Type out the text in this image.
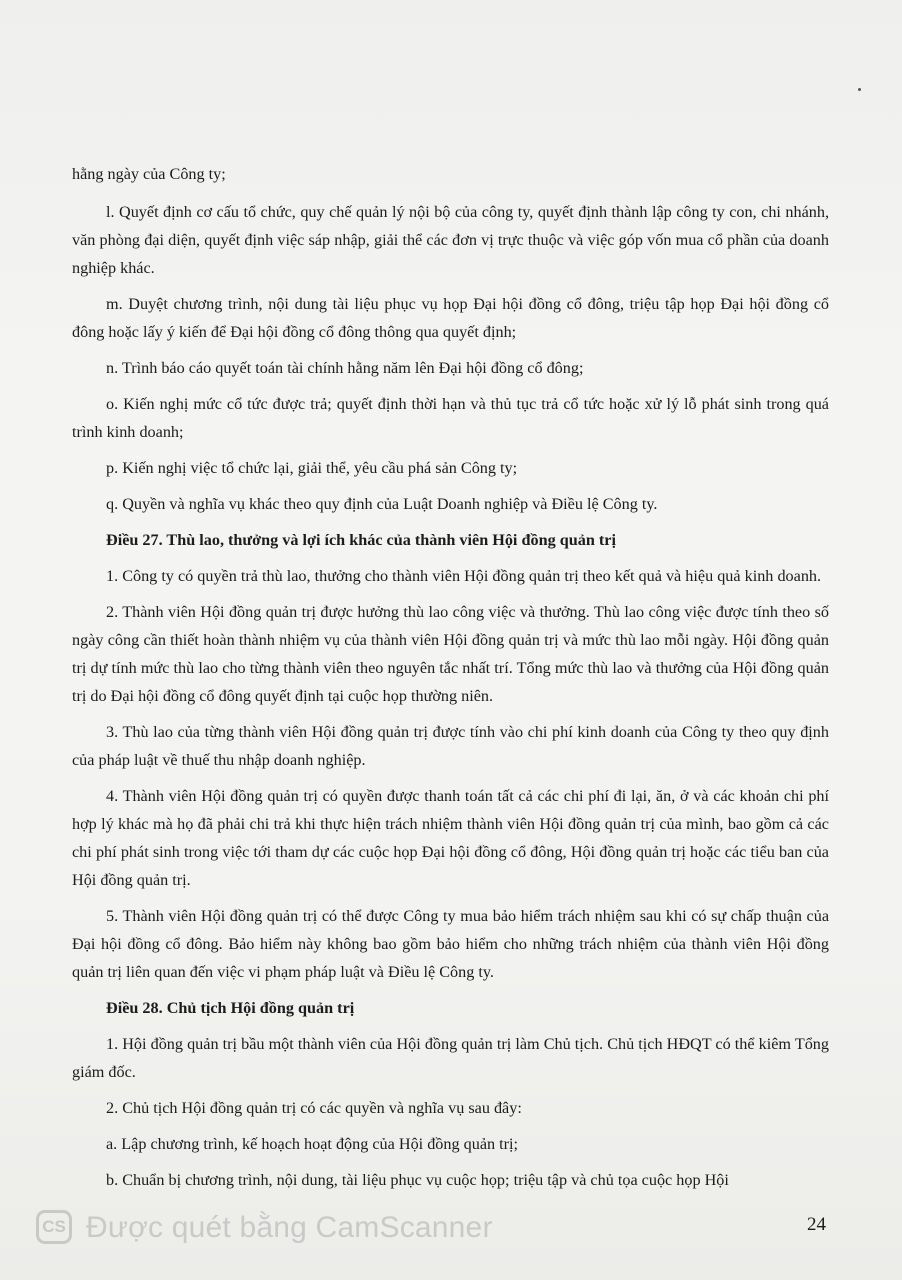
hằng ngày của Công ty;

l. Quyết định cơ cấu tổ chức, quy chế quản lý nội bộ của công ty, quyết định thành lập công ty con, chi nhánh, văn phòng đại diện, quyết định việc sáp nhập, giải thể các đơn vị trực thuộc và việc góp vốn mua cổ phần của doanh nghiệp khác.

m. Duyệt chương trình, nội dung tài liệu phục vụ họp Đại hội đồng cổ đông, triệu tập họp Đại hội đồng cổ đông hoặc lấy ý kiến để Đại hội đồng cổ đông thông qua quyết định;

n. Trình báo cáo quyết toán tài chính hằng năm lên Đại hội đồng cổ đông;

o. Kiến nghị mức cổ tức được trả; quyết định thời hạn và thủ tục trả cổ tức hoặc xử lý lỗ phát sinh trong quá trình kinh doanh;

p. Kiến nghị việc tổ chức lại, giải thể, yêu cầu phá sản Công ty;

q. Quyền và nghĩa vụ khác theo quy định của Luật Doanh nghiệp và Điều lệ Công ty.

Điều 27. Thù lao, thưởng và lợi ích khác của thành viên Hội đồng quản trị

1. Công ty có quyền trả thù lao, thưởng cho thành viên Hội đồng quản trị theo kết quả và hiệu quả kinh doanh.

2. Thành viên Hội đồng quản trị được hưởng thù lao công việc và thưởng. Thù lao công việc được tính theo số ngày công cần thiết hoàn thành nhiệm vụ của thành viên Hội đồng quản trị và mức thù lao mỗi ngày. Hội đồng quản trị dự tính mức thù lao cho từng thành viên theo nguyên tắc nhất trí. Tổng mức thù lao và thưởng của Hội đồng quản trị do Đại hội đồng cổ đông quyết định tại cuộc họp thường niên.

3. Thù lao của từng thành viên Hội đồng quản trị được tính vào chi phí kinh doanh của Công ty theo quy định của pháp luật về thuế thu nhập doanh nghiệp.

4. Thành viên Hội đồng quản trị có quyền được thanh toán tất cả các chi phí đi lại, ăn, ở và các khoản chi phí hợp lý khác mà họ đã phải chi trả khi thực hiện trách nhiệm thành viên Hội đồng quản trị của mình, bao gồm cả các chi phí phát sinh trong việc tới tham dự các cuộc họp Đại hội đồng cổ đông, Hội đồng quản trị hoặc các tiểu ban của Hội đồng quản trị.

5. Thành viên Hội đồng quản trị có thể được Công ty mua bảo hiểm trách nhiệm sau khi có sự chấp thuận của Đại hội đồng cổ đông. Bảo hiểm này không bao gồm bảo hiểm cho những trách nhiệm của thành viên Hội đồng quản trị liên quan đến việc vi phạm pháp luật và Điều lệ Công ty.

Điều 28. Chủ tịch Hội đồng quản trị

1. Hội đồng quản trị bầu một thành viên của Hội đồng quản trị làm Chủ tịch. Chủ tịch HĐQT có thể kiêm Tổng giám đốc.

2. Chủ tịch Hội đồng quản trị có các quyền và nghĩa vụ sau đây:

a. Lập chương trình, kế hoạch hoạt động của Hội đồng quản trị;

b. Chuẩn bị chương trình, nội dung, tài liệu phục vụ cuộc họp; triệu tập và chủ tọa cuộc họp Hội

CS Được quét bằng CamScanner	24
